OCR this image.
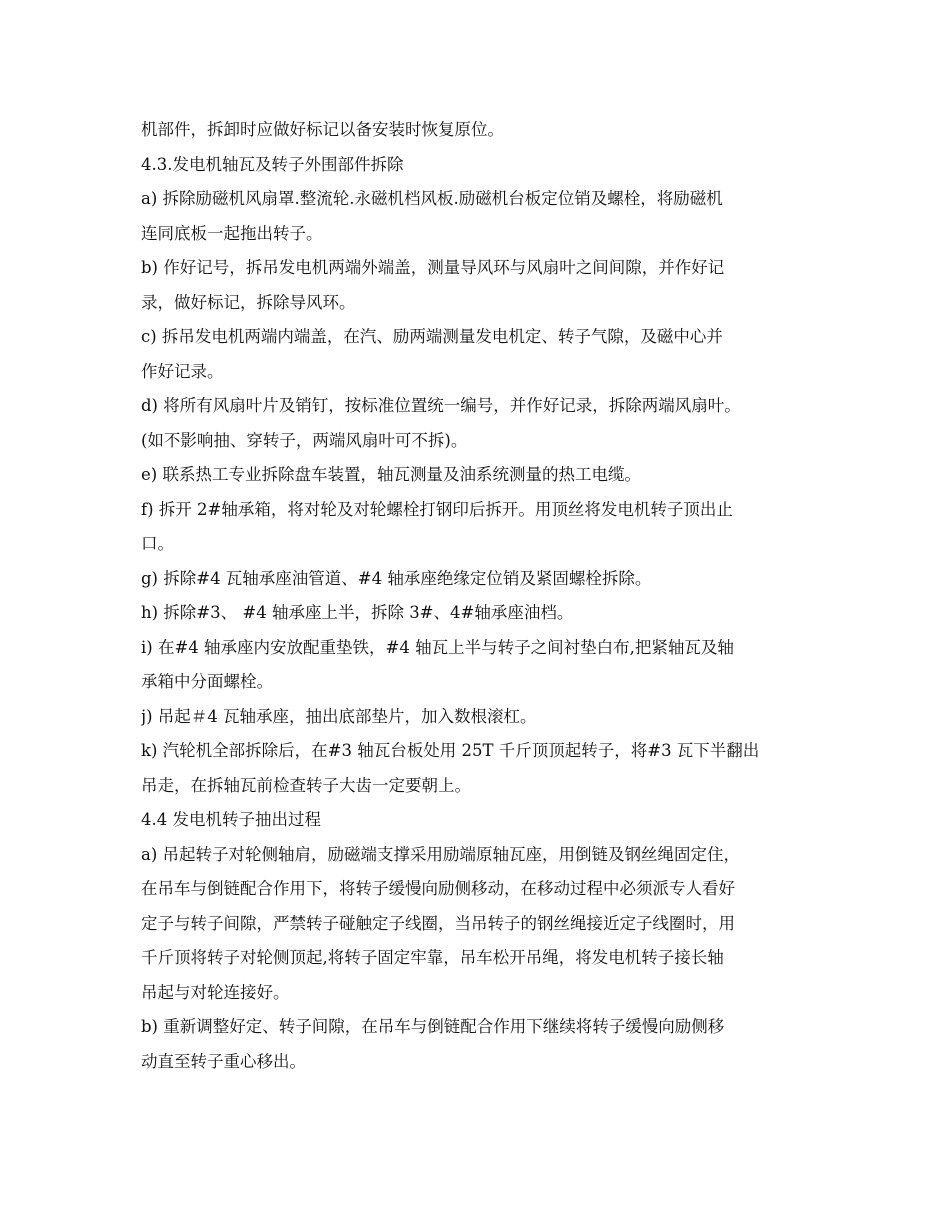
机部件，拆卸时应做好标记以备安装时恢复原位。
4.3.发电机轴瓦及转子外围部件拆除
a) 拆除励磁机风扇罩.整流轮.永磁机档风板.励磁机台板定位销及螺栓，将励磁机
连同底板一起拖出转子。
b) 作好记号，拆吊发电机两端外端盖，测量导风环与风扇叶之间间隙，并作好记
录，做好标记，拆除导风环。
c) 拆吊发电机两端内端盖，在汽、励两端测量发电机定、转子气隙，及磁中心并
作好记录。
d) 将所有风扇叶片及销钉，按标准位置统一编号，并作好记录，拆除两端风扇叶。
(如不影响抽、穿转子，两端风扇叶可不拆)。
e) 联系热工专业拆除盘车装置，轴瓦测量及油系统测量的热工电缆。
f) 拆开 2#轴承箱，将对轮及对轮螺栓打钢印后拆开。用顶丝将发电机转子顶出止
口。
g) 拆除#4 瓦轴承座油管道、#4 轴承座绝缘定位销及紧固螺栓拆除。
h) 拆除#3、 #4 轴承座上半，拆除 3#、4#轴承座油档。
i) 在#4 轴承座内安放配重垫铁，#4 轴瓦上半与转子之间衬垫白布,把紧轴瓦及轴
承箱中分面螺栓。
j) 吊起＃4 瓦轴承座，抽出底部垫片，加入数根滚杠。
k) 汽轮机全部拆除后，在#3 轴瓦台板处用 25T 千斤顶顶起转子，将#3 瓦下半翻出
吊走，在拆轴瓦前检查转子大齿一定要朝上。
4.4 发电机转子抽出过程
a) 吊起转子对轮侧轴肩，励磁端支撑采用励端原轴瓦座，用倒链及钢丝绳固定住，
在吊车与倒链配合作用下，将转子缓慢向励侧移动，在移动过程中必须派专人看好
定子与转子间隙，严禁转子碰触定子线圈，当吊转子的钢丝绳接近定子线圈时，用
千斤顶将转子对轮侧顶起,将转子固定牢靠，吊车松开吊绳，将发电机转子接长轴
吊起与对轮连接好。
b) 重新调整好定、转子间隙，在吊车与倒链配合作用下继续将转子缓慢向励侧移
动直至转子重心移出。
